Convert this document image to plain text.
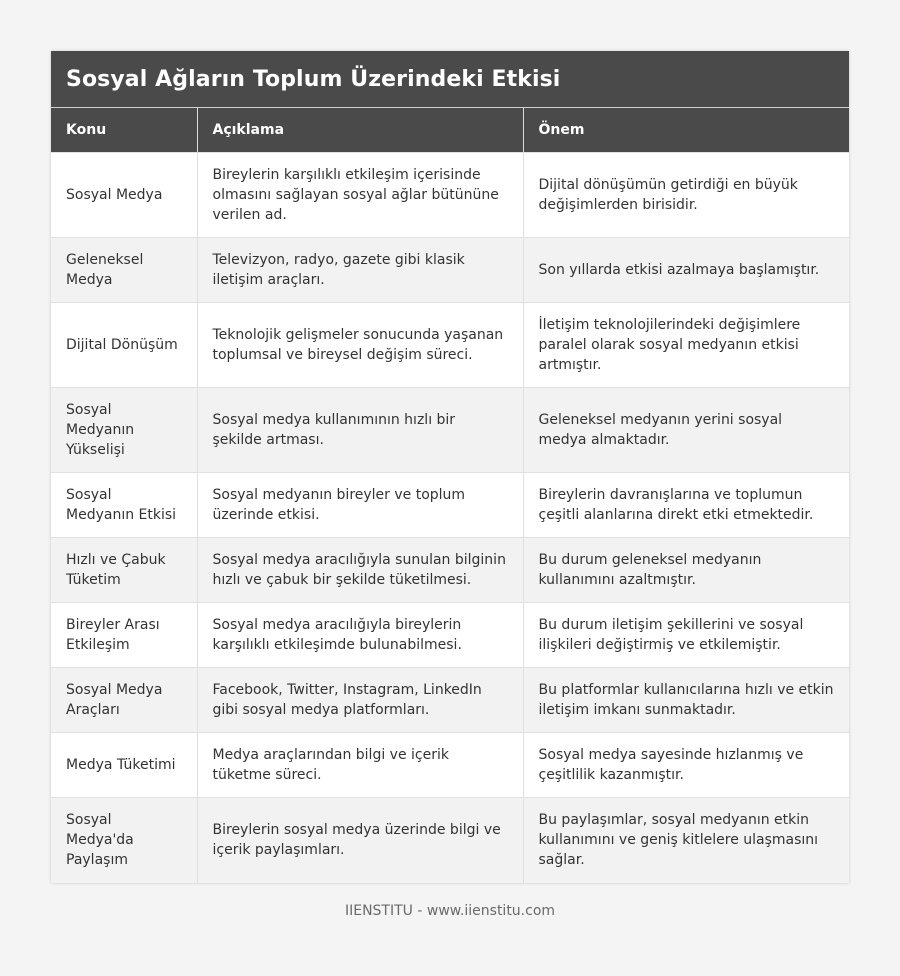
Sosyal Ağların Toplum Üzerindeki Etkisi
Konu	Açıklama	Önem
Sosyal Medya	Bireylerin karşılıklı etkileşim içerisinde olmasını sağlayan sosyal ağlar bütününe verilen ad.	Dijital dönüşümün getirdiği en büyük değişimlerden birisidir.
Geleneksel Medya	Televizyon, radyo, gazete gibi klasik iletişim araçları.	Son yıllarda etkisi azalmaya başlamıştır.
Dijital Dönüşüm	Teknolojik gelişmeler sonucunda yaşanan toplumsal ve bireysel değişim süreci.	İletişim teknolojilerindeki değişimlere paralel olarak sosyal medyanın etkisi artmıştır.
Sosyal Medyanın Yükselişi	Sosyal medya kullanımının hızlı bir şekilde artması.	Geleneksel medyanın yerini sosyal medya almaktadır.
Sosyal Medyanın Etkisi	Sosyal medyanın bireyler ve toplum üzerinde etkisi.	Bireylerin davranışlarına ve toplumun çeşitli alanlarına direkt etki etmektedir.
Hızlı ve Çabuk Tüketim	Sosyal medya aracılığıyla sunulan bilginin hızlı ve çabuk bir şekilde tüketilmesi.	Bu durum geleneksel medyanın kullanımını azaltmıştır.
Bireyler Arası Etkileşim	Sosyal medya aracılığıyla bireylerin karşılıklı etkileşimde bulunabilmesi.	Bu durum iletişim şekillerini ve sosyal ilişkileri değiştirmiş ve etkilemiştir.
Sosyal Medya Araçları	Facebook, Twitter, Instagram, LinkedIn gibi sosyal medya platformları.	Bu platformlar kullanıcılarına hızlı ve etkin iletişim imkanı sunmaktadır.
Medya Tüketimi	Medya araçlarından bilgi ve içerik tüketme süreci.	Sosyal medya sayesinde hızlanmış ve çeşitlilik kazanmıştır.
Sosyal Medya'da Paylaşım	Bireylerin sosyal medya üzerinde bilgi ve içerik paylaşımları.	Bu paylaşımlar, sosyal medyanın etkin kullanımını ve geniş kitlelere ulaşmasını sağlar.
IIENSTITU - www.iienstitu.com
